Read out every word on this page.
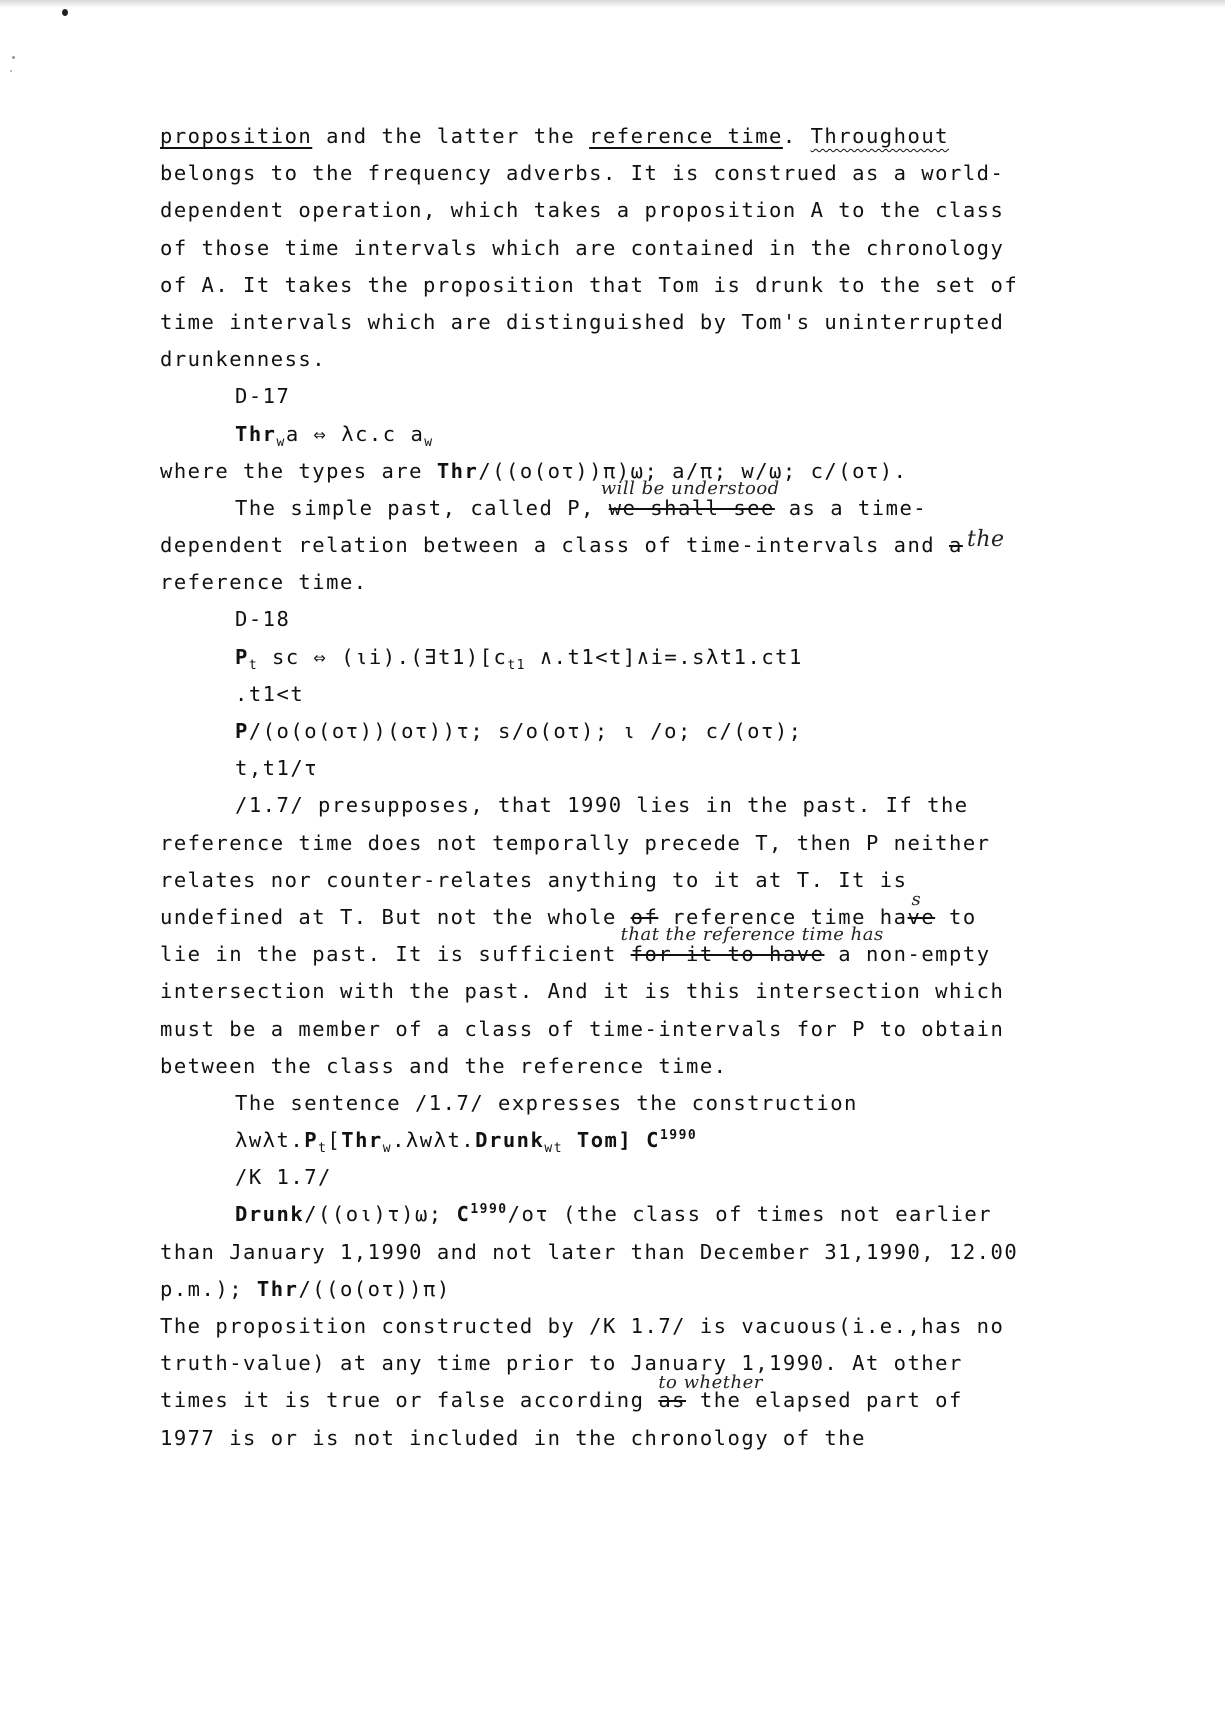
proposition and the latter the reference time. Throughout
belongs to the frequency adverbs. It is construed as a world-
dependent operation, which takes a proposition A to the class
of those time intervals which are contained in the chronology
of A. It takes the proposition that Tom is drunk to the set of
time intervals which are distinguished by Tom's uninterrupted
drunkenness.
D-17
Thr$_w$a ⇔ λc.c $a_w$
where the types are Thr/((o(oτ))π)ω; a/π; w/ω; c/(oτ).
The simple past, called P, we shall see
will be understood
as a time-
dependent relation between a class of time-intervals and a the
reference time.
D-18
$P_t$ sc ⇔ $(\iota i).(\exists t1)[c_{t1}$ ∧.t1<t]∧i=.sλt1.ct1
.t1<t
P/(o(o(oτ))(oτ))τ; s/o(oτ); ι /o; c/(oτ);
t,t1/τ
/1.7/ presupposes, that 1990 lies in the past. If the
reference time does not temporally precede T, then P neither
relates nor counter-relates anything to it at T. It is
undefined at T. But not the whole of reference time have
s
to
lie in the past. It is sufficient for it to have
that the reference time has
a non-empty
intersection with the past. And it is this intersection which
must be a member of a class of time-intervals for P to obtain
between the class and the reference time.
The sentence /1.7/ expresses the construction
$\lambda w\lambda t.P_t[Thr_w.\lambda w\lambda t.Drunk_{wt}$ Tom] $C^{1990}$
/K 1.7/
Drunk/((oι)τ)ω; $C^{1990}/o\tau$ (the class of times not earlier
than January 1,1990 and not later than December 31,1990, 12.00
p.m.); Thr/((o(oτ))π)
The proposition constructed by /K 1.7/ is vacuous(i.e.,has no
truth-value) at any time prior to January 1,1990. At other
times it is true or false according as
to whether
the elapsed part of
1977 is or is not included in the chronology of the
